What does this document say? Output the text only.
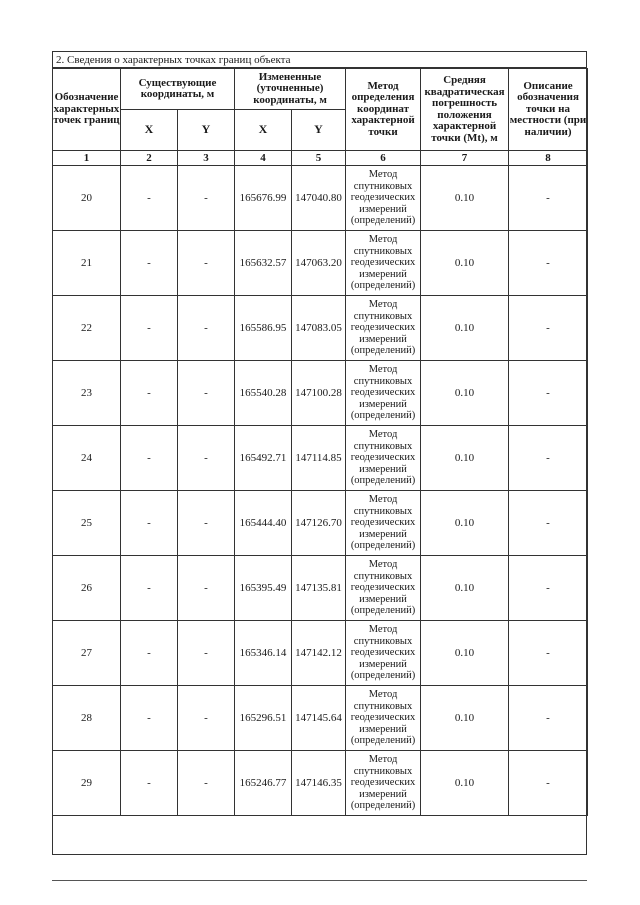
2. Сведения о характерных точках границ объекта
Обозначение характерных точек границ	Существующие координаты, м		Измененные (уточненные) координаты, м		Метод определения координат характерной точки	Средняя квадратическая погрешность положения характерной точки (Mt), м	Описание обозначения точки на местности (при наличии)
	X	Y	X	Y			
1	2	3	4	5	6	7	8
20	-	-	165676.99	147040.80	Метод спутниковых геодезических измерений (определений)	0.10	-
21	-	-	165632.57	147063.20	Метод спутниковых геодезических измерений (определений)	0.10	-
22	-	-	165586.95	147083.05	Метод спутниковых геодезических измерений (определений)	0.10	-
23	-	-	165540.28	147100.28	Метод спутниковых геодезических измерений (определений)	0.10	-
24	-	-	165492.71	147114.85	Метод спутниковых геодезических измерений (определений)	0.10	-
25	-	-	165444.40	147126.70	Метод спутниковых геодезических измерений (определений)	0.10	-
26	-	-	165395.49	147135.81	Метод спутниковых геодезических измерений (определений)	0.10	-
27	-	-	165346.14	147142.12	Метод спутниковых геодезических измерений (определений)	0.10	-
28	-	-	165296.51	147145.64	Метод спутниковых геодезических измерений (определений)	0.10	-
29	-	-	165246.77	147146.35	Метод спутниковых геодезических измерений (определений)	0.10	-
